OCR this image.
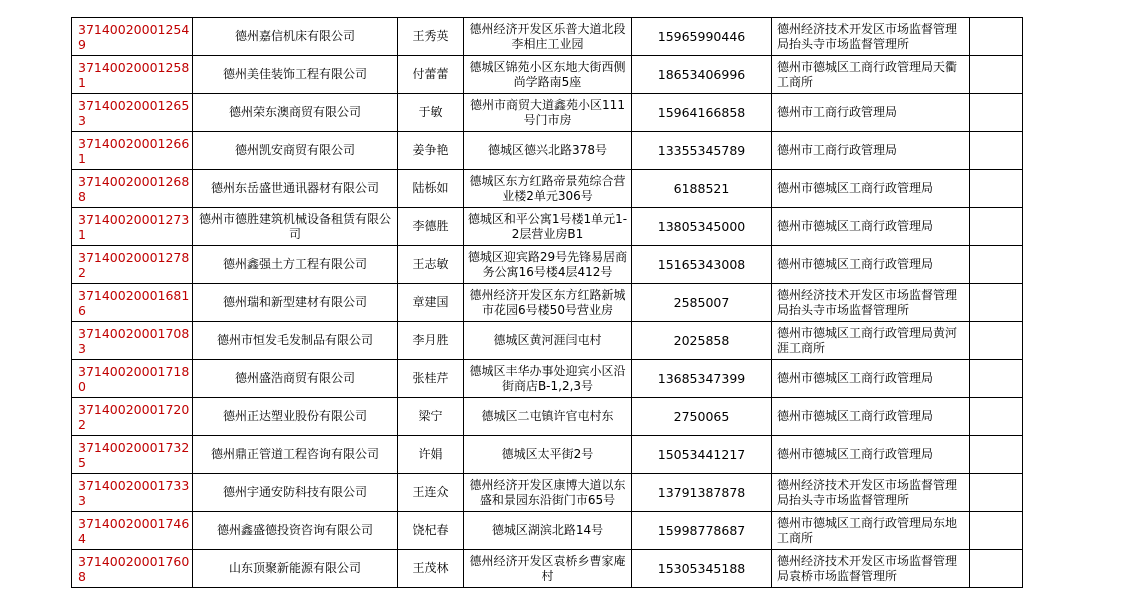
371400200012549	德州嘉信机床有限公司	王秀英	德州经济开发区乐普大道北段李相庄工业园	15965990446	德州经济技术开发区市场监督管理局抬头寺市场监督管理所	
371400200012581	德州美佳装饰工程有限公司	付蕾蕾	德城区锦苑小区东地大街西侧尚学路南5座	18653406996	德州市德城区工商行政管理局天衢工商所	
371400200012653	德州荣东澳商贸有限公司	于敏	德州市商贸大道鑫苑小区111号门市房	15964166858	德州市工商行政管理局	
371400200012661	德州凯安商贸有限公司	姜争艳	德城区德兴北路378号	13355345789	德州市工商行政管理局	
371400200012688	德州东岳盛世通讯器材有限公司	陆栎如	德城区东方红路帝景苑综合营业楼2单元306号	6188521	德州市德城区工商行政管理局	
371400200012731	德州市德胜建筑机械设备租赁有限公司	李德胜	德城区和平公寓1号楼1单元1-2层营业房B1	13805345000	德州市德城区工商行政管理局	
371400200012782	德州鑫强土方工程有限公司	王志敏	德城区迎宾路29号先锋易居商务公寓16号楼4层412号	15165343008	德州市德城区工商行政管理局	
371400200016816	德州瑞和新型建材有限公司	章建国	德州经济开发区东方红路新城市花园6号楼50号营业房	2585007	德州经济技术开发区市场监督管理局抬头寺市场监督管理所	
371400200017083	德州市恒发毛发制品有限公司	李月胜	德城区黄河涯闫屯村	2025858	德州市德城区工商行政管理局黄河涯工商所	
371400200017180	德州盛浩商贸有限公司	张桂芹	德城区丰华办事处迎宾小区沿街商店B-1,2,3号	13685347399	德州市德城区工商行政管理局	
371400200017202	德州正达塑业股份有限公司	梁宁	德城区二屯镇许官屯村东	2750065	德州市德城区工商行政管理局	
371400200017325	德州鼎正管道工程咨询有限公司	许娟	德城区太平街2号	15053441217	德州市德城区工商行政管理局	
371400200017333	德州宇通安防科技有限公司	王连众	德州经济开发区康博大道以东盛和景园东沿街门市65号	13791387878	德州经济技术开发区市场监督管理局抬头寺市场监督管理所	
371400200017464	德州鑫盛德投资咨询有限公司	饶杞春	德城区湖滨北路14号	15998778687	德州市德城区工商行政管理局东地工商所	
371400200017608	山东顶聚新能源有限公司	王茂林	德州经济开发区袁桥乡曹家庵村	15305345188	德州经济技术开发区市场监督管理局袁桥市场监督管理所	
